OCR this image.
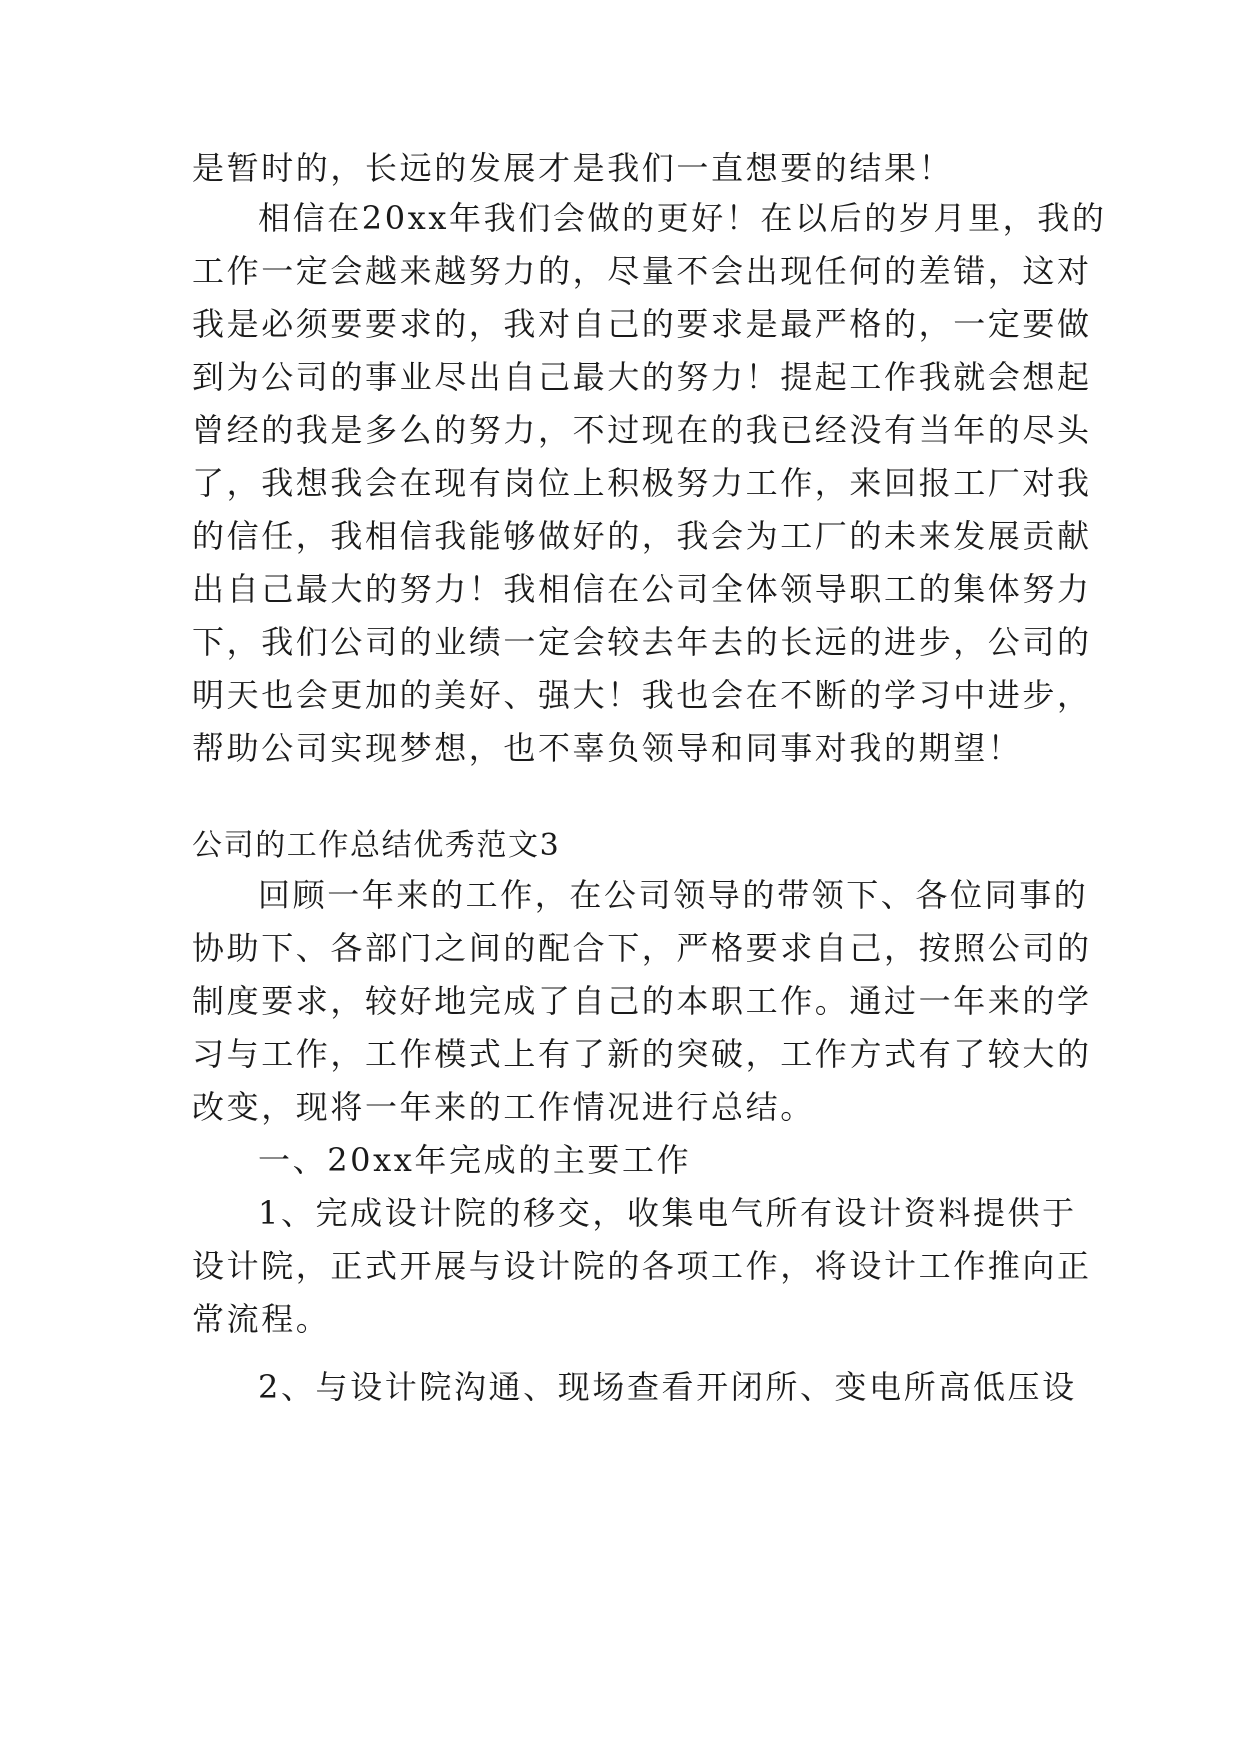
是暂时的，长远的发展才是我们一直想要的结果！
相信在20xx年我们会做的更好！在以后的岁月里，我的
工作一定会越来越努力的，尽量不会出现任何的差错，这对
我是必须要要求的，我对自己的要求是最严格的，一定要做
到为公司的事业尽出自己最大的努力！提起工作我就会想起
曾经的我是多么的努力，不过现在的我已经没有当年的尽头
了，我想我会在现有岗位上积极努力工作，来回报工厂对我
的信任，我相信我能够做好的，我会为工厂的未来发展贡献
出自己最大的努力！我相信在公司全体领导职工的集体努力
下，我们公司的业绩一定会较去年去的长远的进步，公司的
明天也会更加的美好、强大！我也会在不断的学习中进步，
帮助公司实现梦想，也不辜负领导和同事对我的期望！
公司的工作总结优秀范文3
回顾一年来的工作，在公司领导的带领下、各位同事的
协助下、各部门之间的配合下，严格要求自己，按照公司的
制度要求，较好地完成了自己的本职工作。通过一年来的学
习与工作，工作模式上有了新的突破，工作方式有了较大的
改变，现将一年来的工作情况进行总结。
一、20xx年完成的主要工作
1、完成设计院的移交，收集电气所有设计资料提供于
设计院，正式开展与设计院的各项工作，将设计工作推向正
常流程。
2、与设计院沟通、现场查看开闭所、变电所高低压设
